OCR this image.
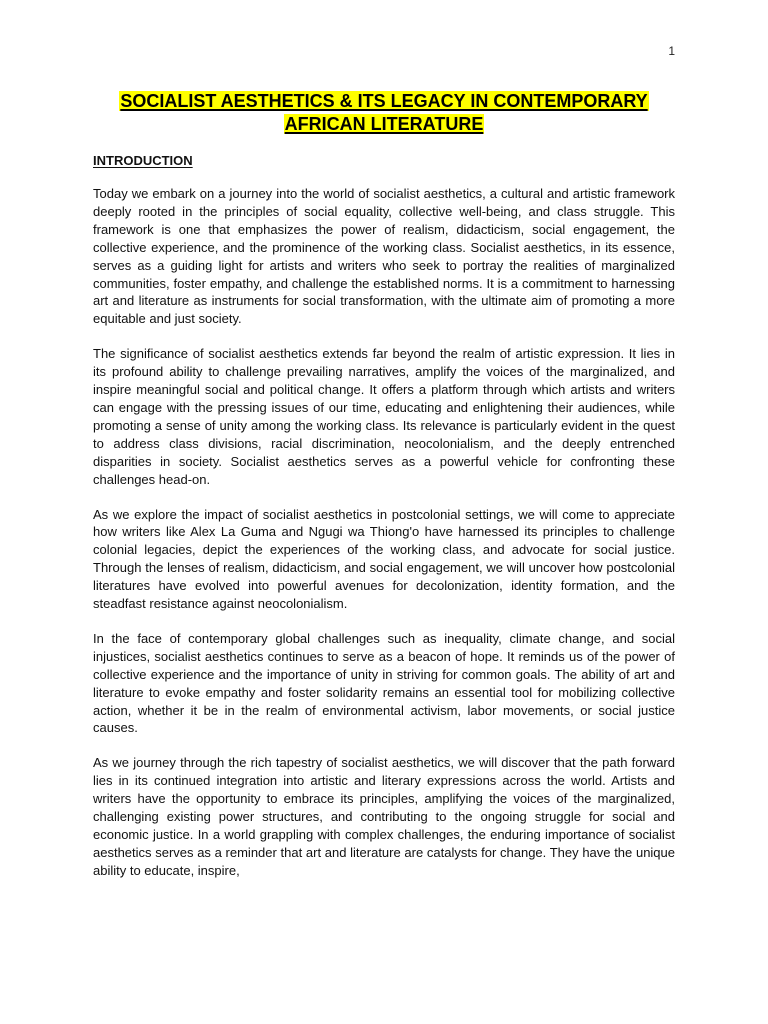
1
SOCIALIST AESTHETICS & ITS LEGACY IN CONTEMPORARY
AFRICAN LITERATURE
INTRODUCTION

Today we embark on a journey into the world of socialist aesthetics, a cultural and artistic framework deeply rooted in the principles of social equality, collective well-being, and class struggle. This framework is one that emphasizes the power of realism, didacticism, social engagement, the collective experience, and the prominence of the working class. Socialist aesthetics, in its essence, serves as a guiding light for artists and writers who seek to portray the realities of marginalized communities, foster empathy, and challenge the established norms. It is a commitment to harnessing art and literature as instruments for social transformation, with the ultimate aim of promoting a more equitable and just society.

The significance of socialist aesthetics extends far beyond the realm of artistic expression. It lies in its profound ability to challenge prevailing narratives, amplify the voices of the marginalized, and inspire meaningful social and political change. It offers a platform through which artists and writers can engage with the pressing issues of our time, educating and enlightening their audiences, while promoting a sense of unity among the working class. Its relevance is particularly evident in the quest to address class divisions, racial discrimination, neocolonialism, and the deeply entrenched disparities in society. Socialist aesthetics serves as a powerful vehicle for confronting these challenges head-on.

As we explore the impact of socialist aesthetics in postcolonial settings, we will come to appreciate how writers like Alex La Guma and Ngugi wa Thiong'o have harnessed its principles to challenge colonial legacies, depict the experiences of the working class, and advocate for social justice. Through the lenses of realism, didacticism, and social engagement, we will uncover how postcolonial literatures have evolved into powerful avenues for decolonization, identity formation, and the steadfast resistance against neocolonialism.

In the face of contemporary global challenges such as inequality, climate change, and social injustices, socialist aesthetics continues to serve as a beacon of hope. It reminds us of the power of collective experience and the importance of unity in striving for common goals. The ability of art and literature to evoke empathy and foster solidarity remains an essential tool for mobilizing collective action, whether it be in the realm of environmental activism, labor movements, or social justice causes.

As we journey through the rich tapestry of socialist aesthetics, we will discover that the path forward lies in its continued integration into artistic and literary expressions across the world. Artists and writers have the opportunity to embrace its principles, amplifying the voices of the marginalized, challenging existing power structures, and contributing to the ongoing struggle for social and economic justice. In a world grappling with complex challenges, the enduring importance of socialist aesthetics serves as a reminder that art and literature are catalysts for change. They have the unique ability to educate, inspire,
